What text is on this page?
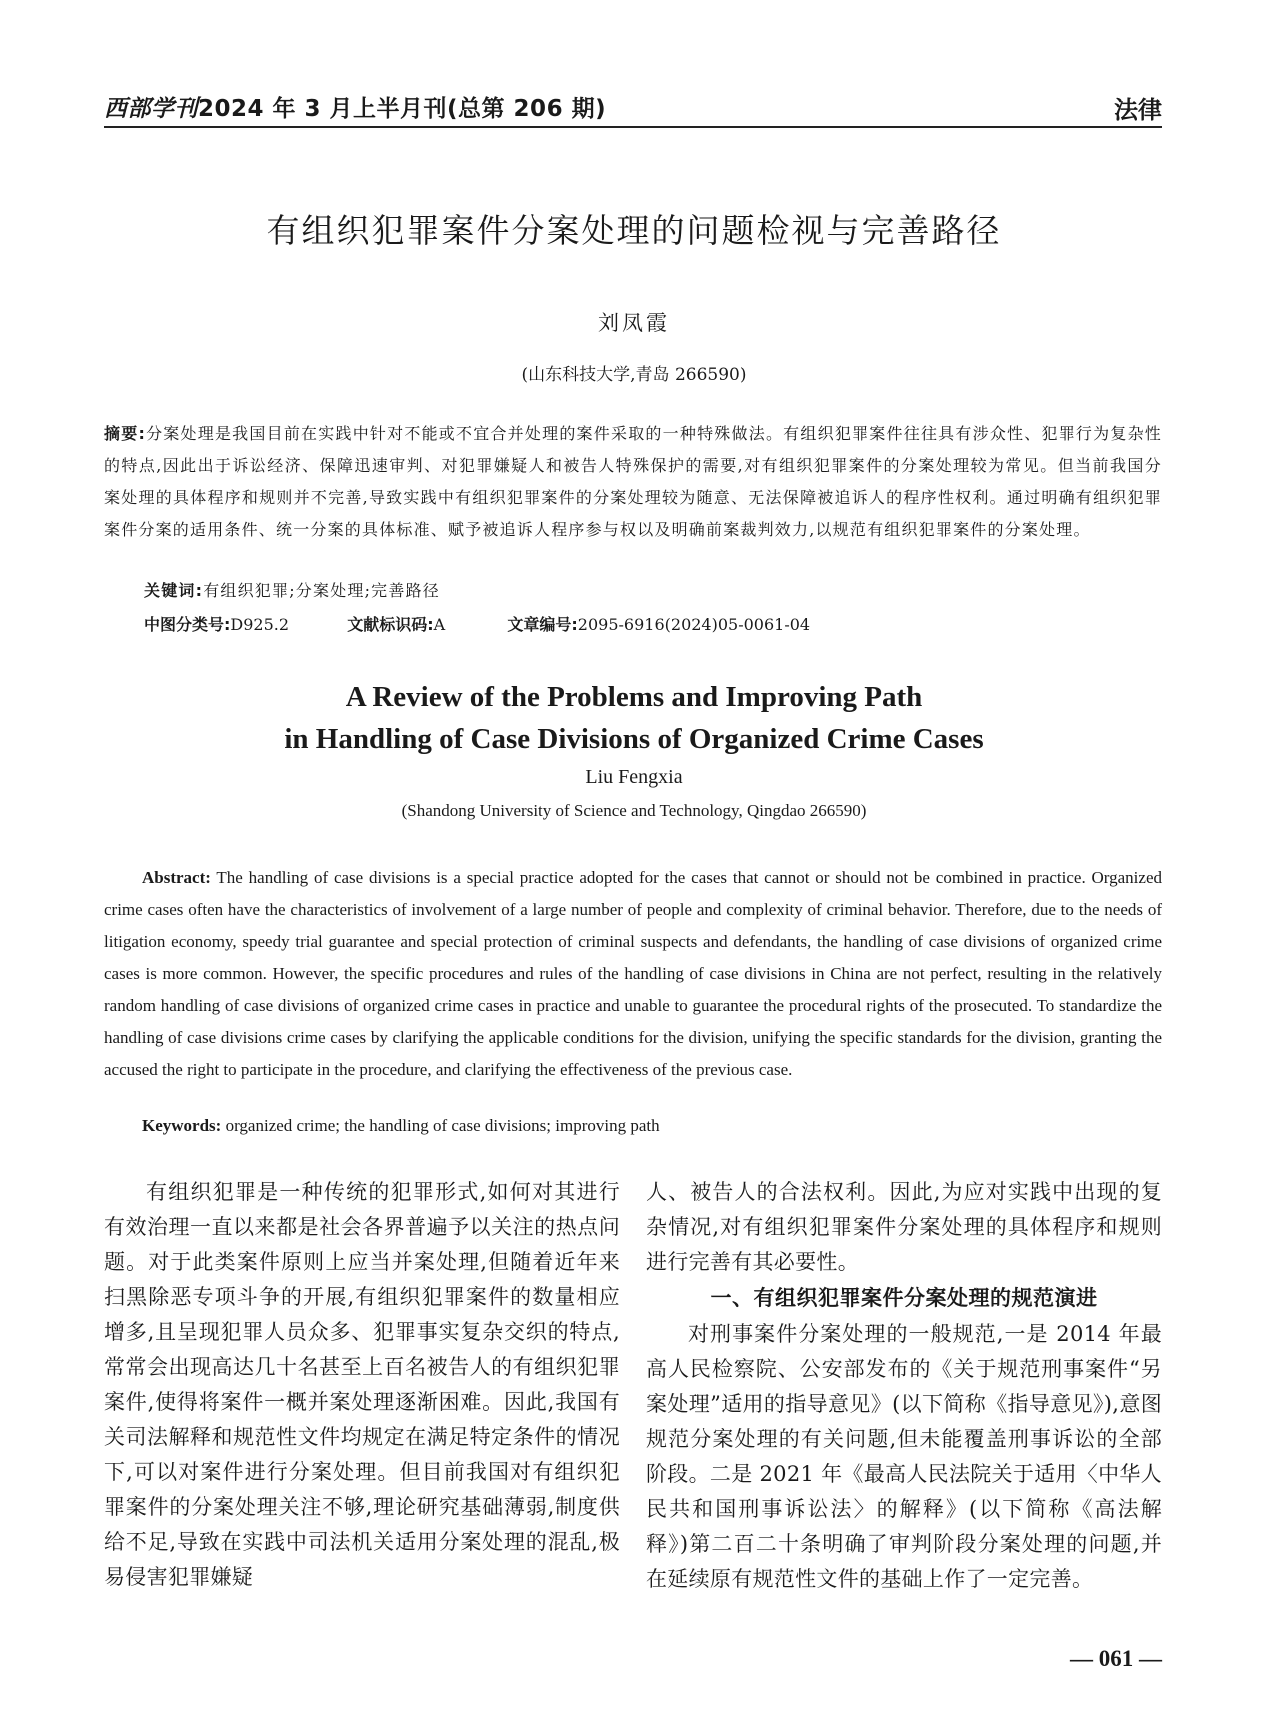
西部学刊2024 年 3 月上半月刊(总第 206 期)	法律
有组织犯罪案件分案处理的问题检视与完善路径
刘凤霞
(山东科技大学,青岛 266590)
摘要:分案处理是我国目前在实践中针对不能或不宜合并处理的案件采取的一种特殊做法。有组织犯罪案件往往具有涉众性、犯罪行为复杂性的特点,因此出于诉讼经济、保障迅速审判、对犯罪嫌疑人和被告人特殊保护的需要,对有组织犯罪案件的分案处理较为常见。但当前我国分案处理的具体程序和规则并不完善,导致实践中有组织犯罪案件的分案处理较为随意、无法保障被追诉人的程序性权利。通过明确有组织犯罪案件分案的适用条件、统一分案的具体标准、赋予被追诉人程序参与权以及明确前案裁判效力,以规范有组织犯罪案件的分案处理。
关键词:有组织犯罪;分案处理;完善路径
中图分类号:D925.2	文献标识码:A	文章编号:2095-6916(2024)05-0061-04
A Review of the Problems and Improving Path
in Handling of Case Divisions of Organized Crime Cases
Liu Fengxia
(Shandong University of Science and Technology, Qingdao 266590)
Abstract: The handling of case divisions is a special practice adopted for the cases that cannot or should not be combined in practice. Organized crime cases often have the characteristics of involvement of a large number of people and complexity of criminal behavior. Therefore, due to the needs of litigation economy, speedy trial guarantee and special protection of criminal suspects and defendants, the handling of case divisions of organized crime cases is more common. However, the specific procedures and rules of the handling of case divisions in China are not perfect, resulting in the relatively random handling of case divisions of organized crime cases in practice and unable to guarantee the procedural rights of the prosecuted. To standardize the handling of case divisions crime cases by clarifying the applicable conditions for the division, unifying the specific standards for the division, granting the accused the right to participate in the procedure, and clarifying the effectiveness of the previous case.
Keywords: organized crime; the handling of case divisions; improving path

有组织犯罪是一种传统的犯罪形式,如何对其进行有效治理一直以来都是社会各界普遍予以关注的热点问题。对于此类案件原则上应当并案处理,但随着近年来扫黑除恶专项斗争的开展,有组织犯罪案件的数量相应增多,且呈现犯罪人员众多、犯罪事实复杂交织的特点,常常会出现高达几十名甚至上百名被告人的有组织犯罪案件,使得将案件一概并案处理逐渐困难。因此,我国有关司法解释和规范性文件均规定在满足特定条件的情况下,可以对案件进行分案处理。但目前我国对有组织犯罪案件的分案处理关注不够,理论研究基础薄弱,制度供给不足,导致在实践中司法机关适用分案处理的混乱,极易侵害犯罪嫌疑

人、被告人的合法权利。因此,为应对实践中出现的复杂情况,对有组织犯罪案件分案处理的具体程序和规则进行完善有其必要性。

一、有组织犯罪案件分案处理的规范演进

对刑事案件分案处理的一般规范,一是 2014 年最高人民检察院、公安部发布的《关于规范刑事案件“另案处理”适用的指导意见》(以下简称《指导意见》),意图规范分案处理的有关问题,但未能覆盖刑事诉讼的全部阶段。二是 2021 年《最高人民法院关于适用〈中华人民共和国刑事诉讼法〉的解释》(以下简称《高法解释》)第二百二十条明确了审判阶段分案处理的问题,并在延续原有规范性文件的基础上作了一定完善。

— 061 —
